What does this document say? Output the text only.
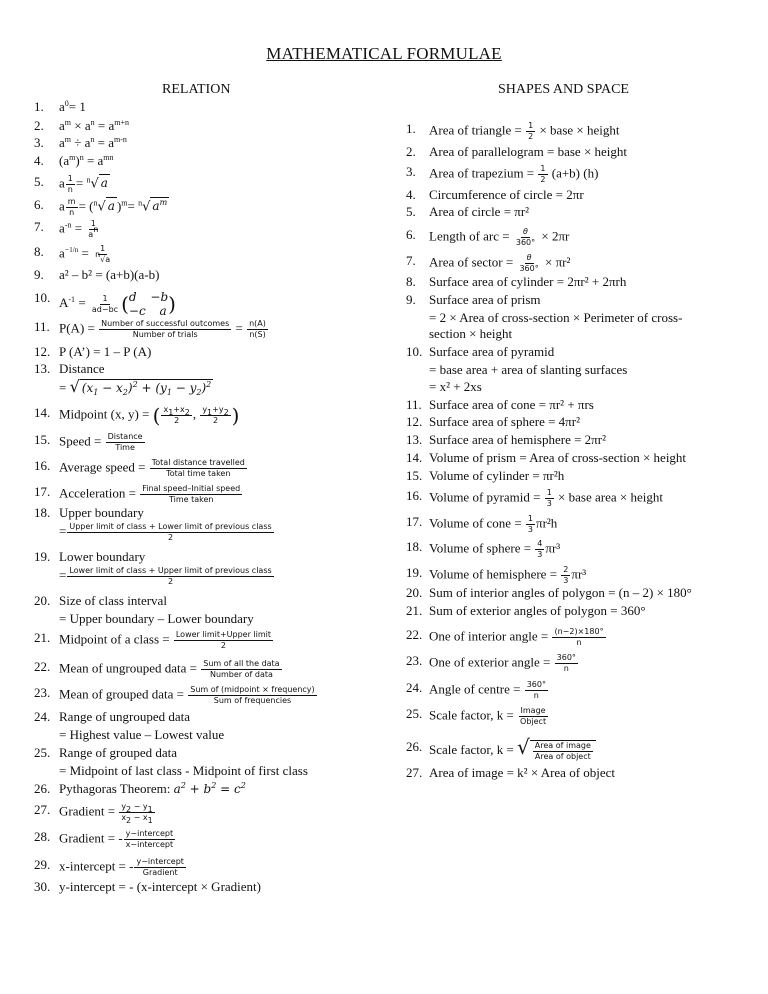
MATHEMATICAL FORMULAE
RELATION	SHAPES AND SPACE
1. $a^0= 1$
2. $a^m \times a^n = a^{m+n}$
3. $a^m \div a^n = a^{m-n}$
4. $(a^m)^n = a^{mn}$
5. a $\frac{1}{n} = ^n√$ a
6. a $\frac{m}{n} = (^n√$ a )$^m$= $^n$√ $a^m$
7. $a^{-n} = \frac{1}{a^n}$
8. $a^{-1/n} = \frac{1}{^n√a}$
9. a² – b² = (a+b)(a-b)
10. $A^{-1} = \frac{1}{ad-bc}$ ( d −b
−c a )
11. $P(A) = \frac{\text{Number of successful outcomes}}{\text{Number of trials}} = \frac{n(A)}{n(S)}$
12. P (A’) = 1 – P (A)
13. Distance
= √ $(x_1 - x_2)^2 + (y_1 - y_2)^2$
14. Midpoint (x, y) = ( $\frac{x_1+x_2}{2}$ , $\frac{y_1+y_2}{2}$ )
15. Speed = $\frac{\text{Distance}}{\text{Time}}$
16. Average speed = $\frac{\text{Total distance travelled}}{\text{Total time taken}}$
17. Acceleration = $\frac{\text{Final speed–Initial speed}}{\text{Time taken}}$
18. Upper boundary
= $\frac{\text{Upper limit of class + Lower limit of previous class}}{2}$
19. Lower boundary
= $\frac{\text{Lower limit of class + Upper limit of previous class}}{2}$
20. Size of class interval
= Upper boundary – Lower boundary
21. Midpoint of a class = $\frac{\text{Lower limit+Upper limit}}{2}$
22. Mean of ungrouped data = $\frac{\text{Sum of all the data}}{\text{Number of data}}$
23. Mean of grouped data = $\frac{\text{Sum of (midpoint × frequency)}}{\text{Sum of frequencies}}$
24. Range of ungrouped data
= Highest value – Lowest value
25. Range of grouped data
= Midpoint of last class - Midpoint of first class
26. Pythagoras Theorem: $a^2 + b^2 = c^2$
27. Gradient = $\frac{y_2 - y_1}{x_2 - x_1}$
28. Gradient = - $\frac{\text{y−intercept}}{\text{x−intercept}}$
29. x-intercept = - $\frac{\text{y−intercept}}{\text{Gradient}}$
30. y-intercept = - (x-intercept × Gradient)
1. Area of triangle = $\frac{1}{2}$ × base × height
2. Area of parallelogram = base × height
3. Area of trapezium = $\frac{1}{2} (a+b)$ (h)
4. Circumference of circle = 2πr
5. Area of circle = πr²
6. Length of arc = $\frac{\theta}{360^\circ} \times 2\pi r$
7. Area of sector = $\frac{\theta}{360^\circ} \times \pi r^2$
8. Surface area of cylinder = 2πr² + 2πrh
9. Surface area of prism
= 2 × Area of cross-section × Perimeter of cross-
section × height
10. Surface area of pyramid
= base area + area of slanting surfaces
= x² + 2xs
11. Surface area of cone = πr² + πrs
12. Surface area of sphere = 4πr²
13. Surface area of hemisphere = 2πr²
14. Volume of prism = Area of cross-section × height
15. Volume of cylinder = πr²h
16. Volume of pyramid = $\frac{1}{3}$ × base area × height
17. Volume of cone = $\frac{1}{3} \pi r^2h$
18. Volume of sphere = $\frac{4}{3} \pi r^3$
19. Volume of hemisphere = $\frac{2}{3} \pi r^3$
20. Sum of interior angles of polygon = (n – 2) × 180°
21. Sum of exterior angles of polygon = 360°
22. One of interior angle = $\frac{(n-2)\times 180^\circ}{n}$
23. One of exterior angle = $\frac{360^\circ}{n}$
24. Angle of centre = $\frac{360^\circ}{n}$
25. Scale factor, $k = \frac{\text{Image}}{\text{Object}}$
26. Scale factor, k = √ $\frac{\text{Area of image}}{\text{Area of object}}$
27. Area of image = k² × Area of object
